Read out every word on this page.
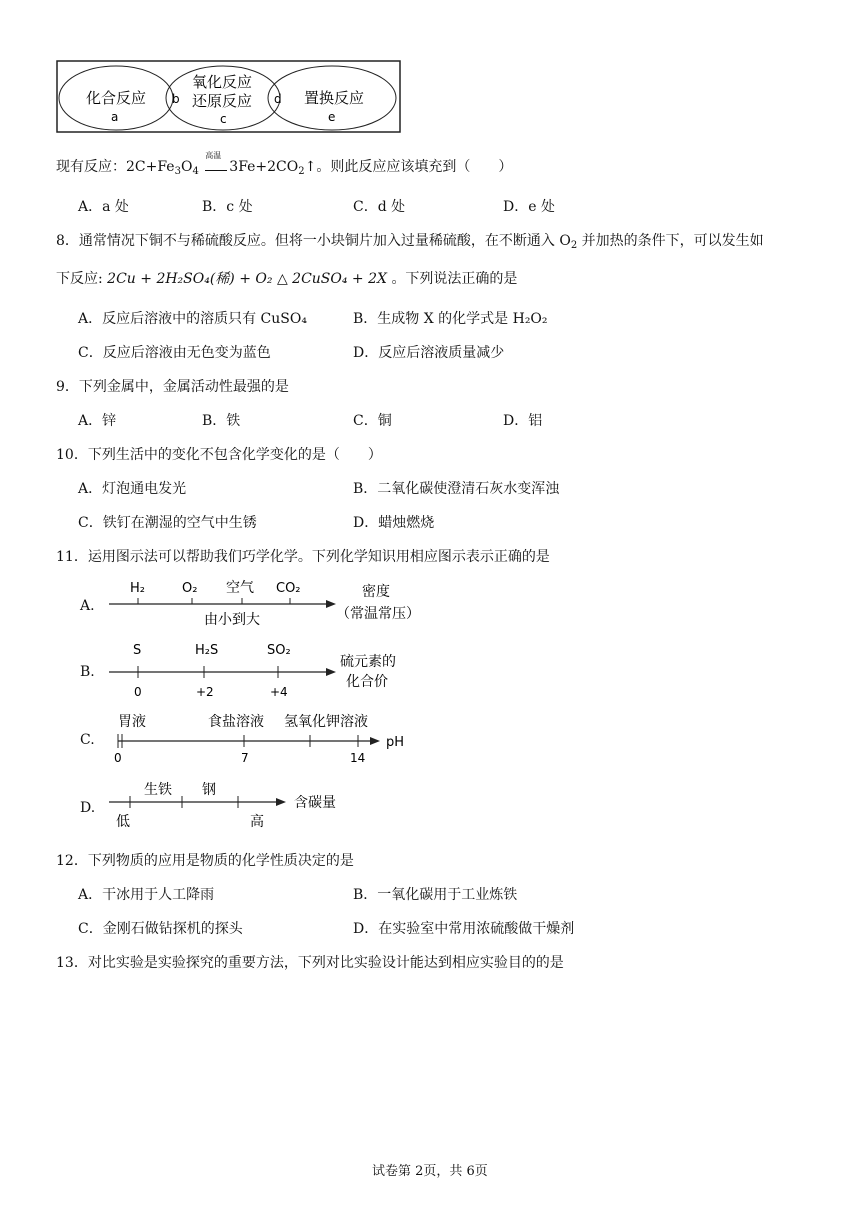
化合反应
a
b
氧化反应
还原反应
c
d 置换反应
e
现有反应：$2C+Fe_3O_4$
高温
$3Fe+2CO_2↑$。则此反应应该填充到（　　）
A．a 处	B．c 处	C．d 处	D．e 处
8．通常情况下铜不与稀硫酸反应。但将一小块铜片加入过量稀硫酸，在不断通入 $O_2$ 并加热的条件下，可以发生如
下反应: 2Cu + 2H₂SO₄(稀) + O₂ △ 2CuSO₄ + 2X 。下列说法正确的是
A．反应后溶液中的溶质只有 CuSO₄	B．生成物 X 的化学式是 H₂O₂
C．反应后溶液由无色变为蓝色	D．反应后溶液质量减少
9．下列金属中，金属活动性最强的是
A．锌	B．铁	C．铜	D．铝
10．下列生活中的变化不包含化学变化的是（　　）
A．灯泡通电发光	B．二氧化碳使澄清石灰水变浑浊
C．铁钉在潮湿的空气中生锈	D．蜡烛燃烧
11．运用图示法可以帮助我们巧学化学。下列化学知识用相应图示表示正确的是
A.
H₂	O₂ 空气 CO₂
由小到大
密度
（常温常压）
B.
S	H₂S	SO₂
0	+2	+4
硫元素的
化合价
C.
胃液	食盐溶液 氢氧化钾溶液
0	7	14
pH
D.
生铁 钢
低	高
含碳量
12．下列物质的应用是物质的化学性质决定的是
A．干冰用于人工降雨	B．一氧化碳用于工业炼铁
C．金刚石做钻探机的探头	D．在实验室中常用浓硫酸做干燥剂
13．对比实验是实验探究的重要方法，下列对比实验设计能达到相应实验目的的是
试卷第 2页，共 6页
